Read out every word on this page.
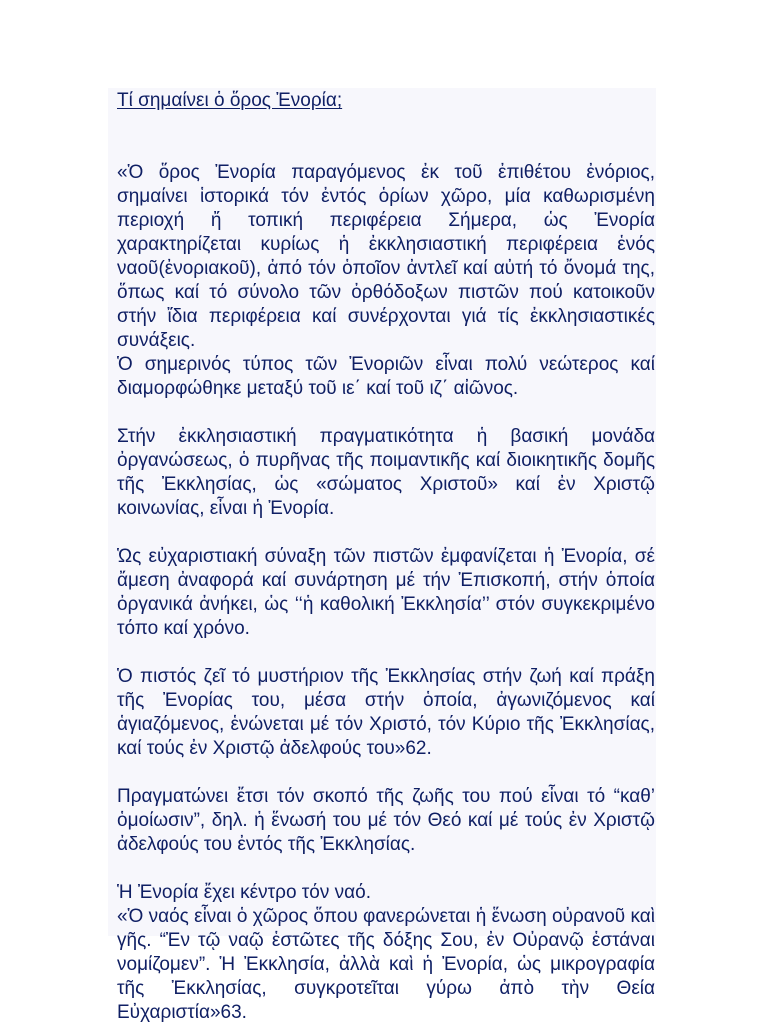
Τί σημαίνει ὁ ὅρος Ἐνορία;

«Ὁ ὅρος Ἐνορία παραγόμενος ἐκ τοῦ ἐπιθέτου ἐνόριος, σημαίνει ἱστορικά τόν ἐντός ὁρίων χῶρο, μία καθωρισμένη περιοχή ἤ τοπική περιφέρεια Σήμερα, ὡς Ἐνορία χαρακτηρίζεται κυρίως ἡ ἐκκλησιαστική περιφέρεια ἑνός ναοῦ(ἐνοριακοῦ), ἀπό τόν ὁποῖον ἀντλεῖ καί αὐτή τό ὄνομά της, ὅπως καί τό σύνολο τῶν ὀρθόδοξων πιστῶν πού κατοικοῦν στήν ἴδια περιφέρεια καί συνέρχονται γιά τίς ἐκκλησιαστικές συνάξεις.

Ὁ σημερινός τύπος τῶν Ἐνοριῶν εἶναι πολύ νεώτερος καί διαμορφώθηκε μεταξύ τοῦ ιε΄ καί τοῦ ιζ΄ αἰῶνος.

Στήν ἐκκλησιαστική πραγματικότητα ἡ βασική μονάδα ὀργανώσεως, ὁ πυρῆνας τῆς ποιμαντικῆς καί διοικητικῆς δομῆς τῆς Ἐκκλησίας, ὡς «σώματος Χριστοῦ» καί ἐν Χριστῷ κοινωνίας, εἶναι ἡ Ἐνορία.

Ὡς εὐχαριστιακή σύναξη τῶν πιστῶν ἐμφανίζεται ἡ Ἐνορία, σέ ἄμεση ἀναφορά καί συνάρτηση μέ τήν Ἐπισκοπή, στήν ὁποία ὀργανικά ἀνήκει, ὡς ‘‘ἡ καθολική Ἐκκλησία’’ στόν συγκεκριμένο τόπο καί χρόνο.

Ὁ πιστός ζεῖ τό μυστήριον τῆς Ἐκκλησίας στήν ζωή καί πράξη τῆς Ἐνορίας του, μέσα στήν ὁποία, ἀγωνιζόμενος καί ἁγιαζόμενος, ἑνώνεται μέ τόν Χριστό, τόν Κύριο τῆς Ἐκκλησίας, καί τούς ἐν Χριστῷ ἀδελφούς του»62.

Πραγματώνει ἔτσι τόν σκοπό τῆς ζωῆς του πού εἶναι τό “καθ’ ὁμοίωσιν”, δηλ. ἡ ἕνωσή του μέ τόν Θεό καί μέ τούς ἐν Χριστῷ ἀδελφούς του ἐντός τῆς Ἐκκλησίας.

Ἡ Ἐνορία ἔχει κέντρο τόν ναό.

«Ὁ ναός εἶναι ὁ χῶρος ὅπου φανερώνεται ἡ ἕνωση οὐρανοῦ καὶ γῆς. “Ἐν τῷ ναῷ ἑστῶτες τῆς δόξης Σου, ἐν Οὐρανῷ ἑστάναι νομίζομεν”. Ἡ Ἐκκλησία, ἀλλὰ καὶ ἡ Ἐνορία, ὡς μικρογραφία τῆς Ἐκκλησίας, συγκροτεῖται γύρω ἀπὸ τὴν Θεία Εὐχαριστία»63.
